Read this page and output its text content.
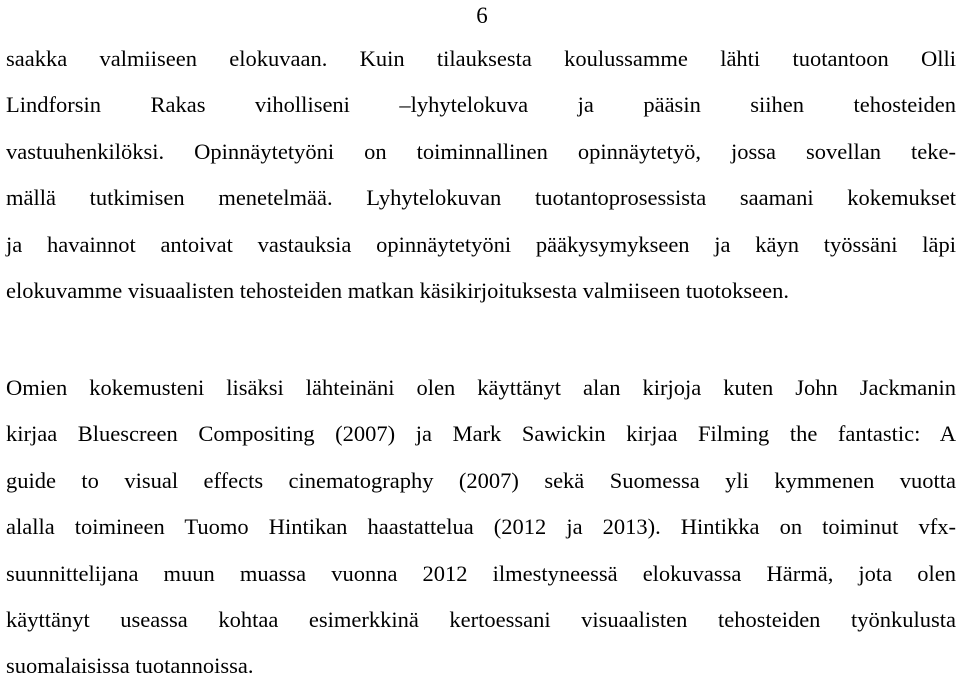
6

saakka valmiiseen elokuvaan. Kuin tilauksesta koulussamme lähti tuotantoon Olli
Lindforsin Rakas viholliseni –lyhytelokuva ja pääsin siihen tehosteiden
vastuuhenkilöksi. Opinnäytetyöni on toiminnallinen opinnäytetyö, jossa sovellan teke-
mällä tutkimisen menetelmää. Lyhytelokuvan tuotantoprosessista saamani kokemukset
ja havainnot antoivat vastauksia opinnäytetyöni pääkysymykseen ja käyn työssäni läpi
elokuvamme visuaalisten tehosteiden matkan käsikirjoituksesta valmiiseen tuotokseen.

Omien kokemusteni lisäksi lähteinäni olen käyttänyt alan kirjoja kuten John Jackmanin
kirjaa Bluescreen Compositing (2007) ja Mark Sawickin kirjaa Filming the fantastic: A
guide to visual effects cinematography (2007) sekä Suomessa yli kymmenen vuotta
alalla toimineen Tuomo Hintikan haastattelua (2012 ja 2013). Hintikka on toiminut vfx-
suunnittelijana muun muassa vuonna 2012 ilmestyneessä elokuvassa Härmä, jota olen
käyttänyt useassa kohtaa esimerkkinä kertoessani visuaalisten tehosteiden työnkulusta
suomalaisissa tuotannoissa.
